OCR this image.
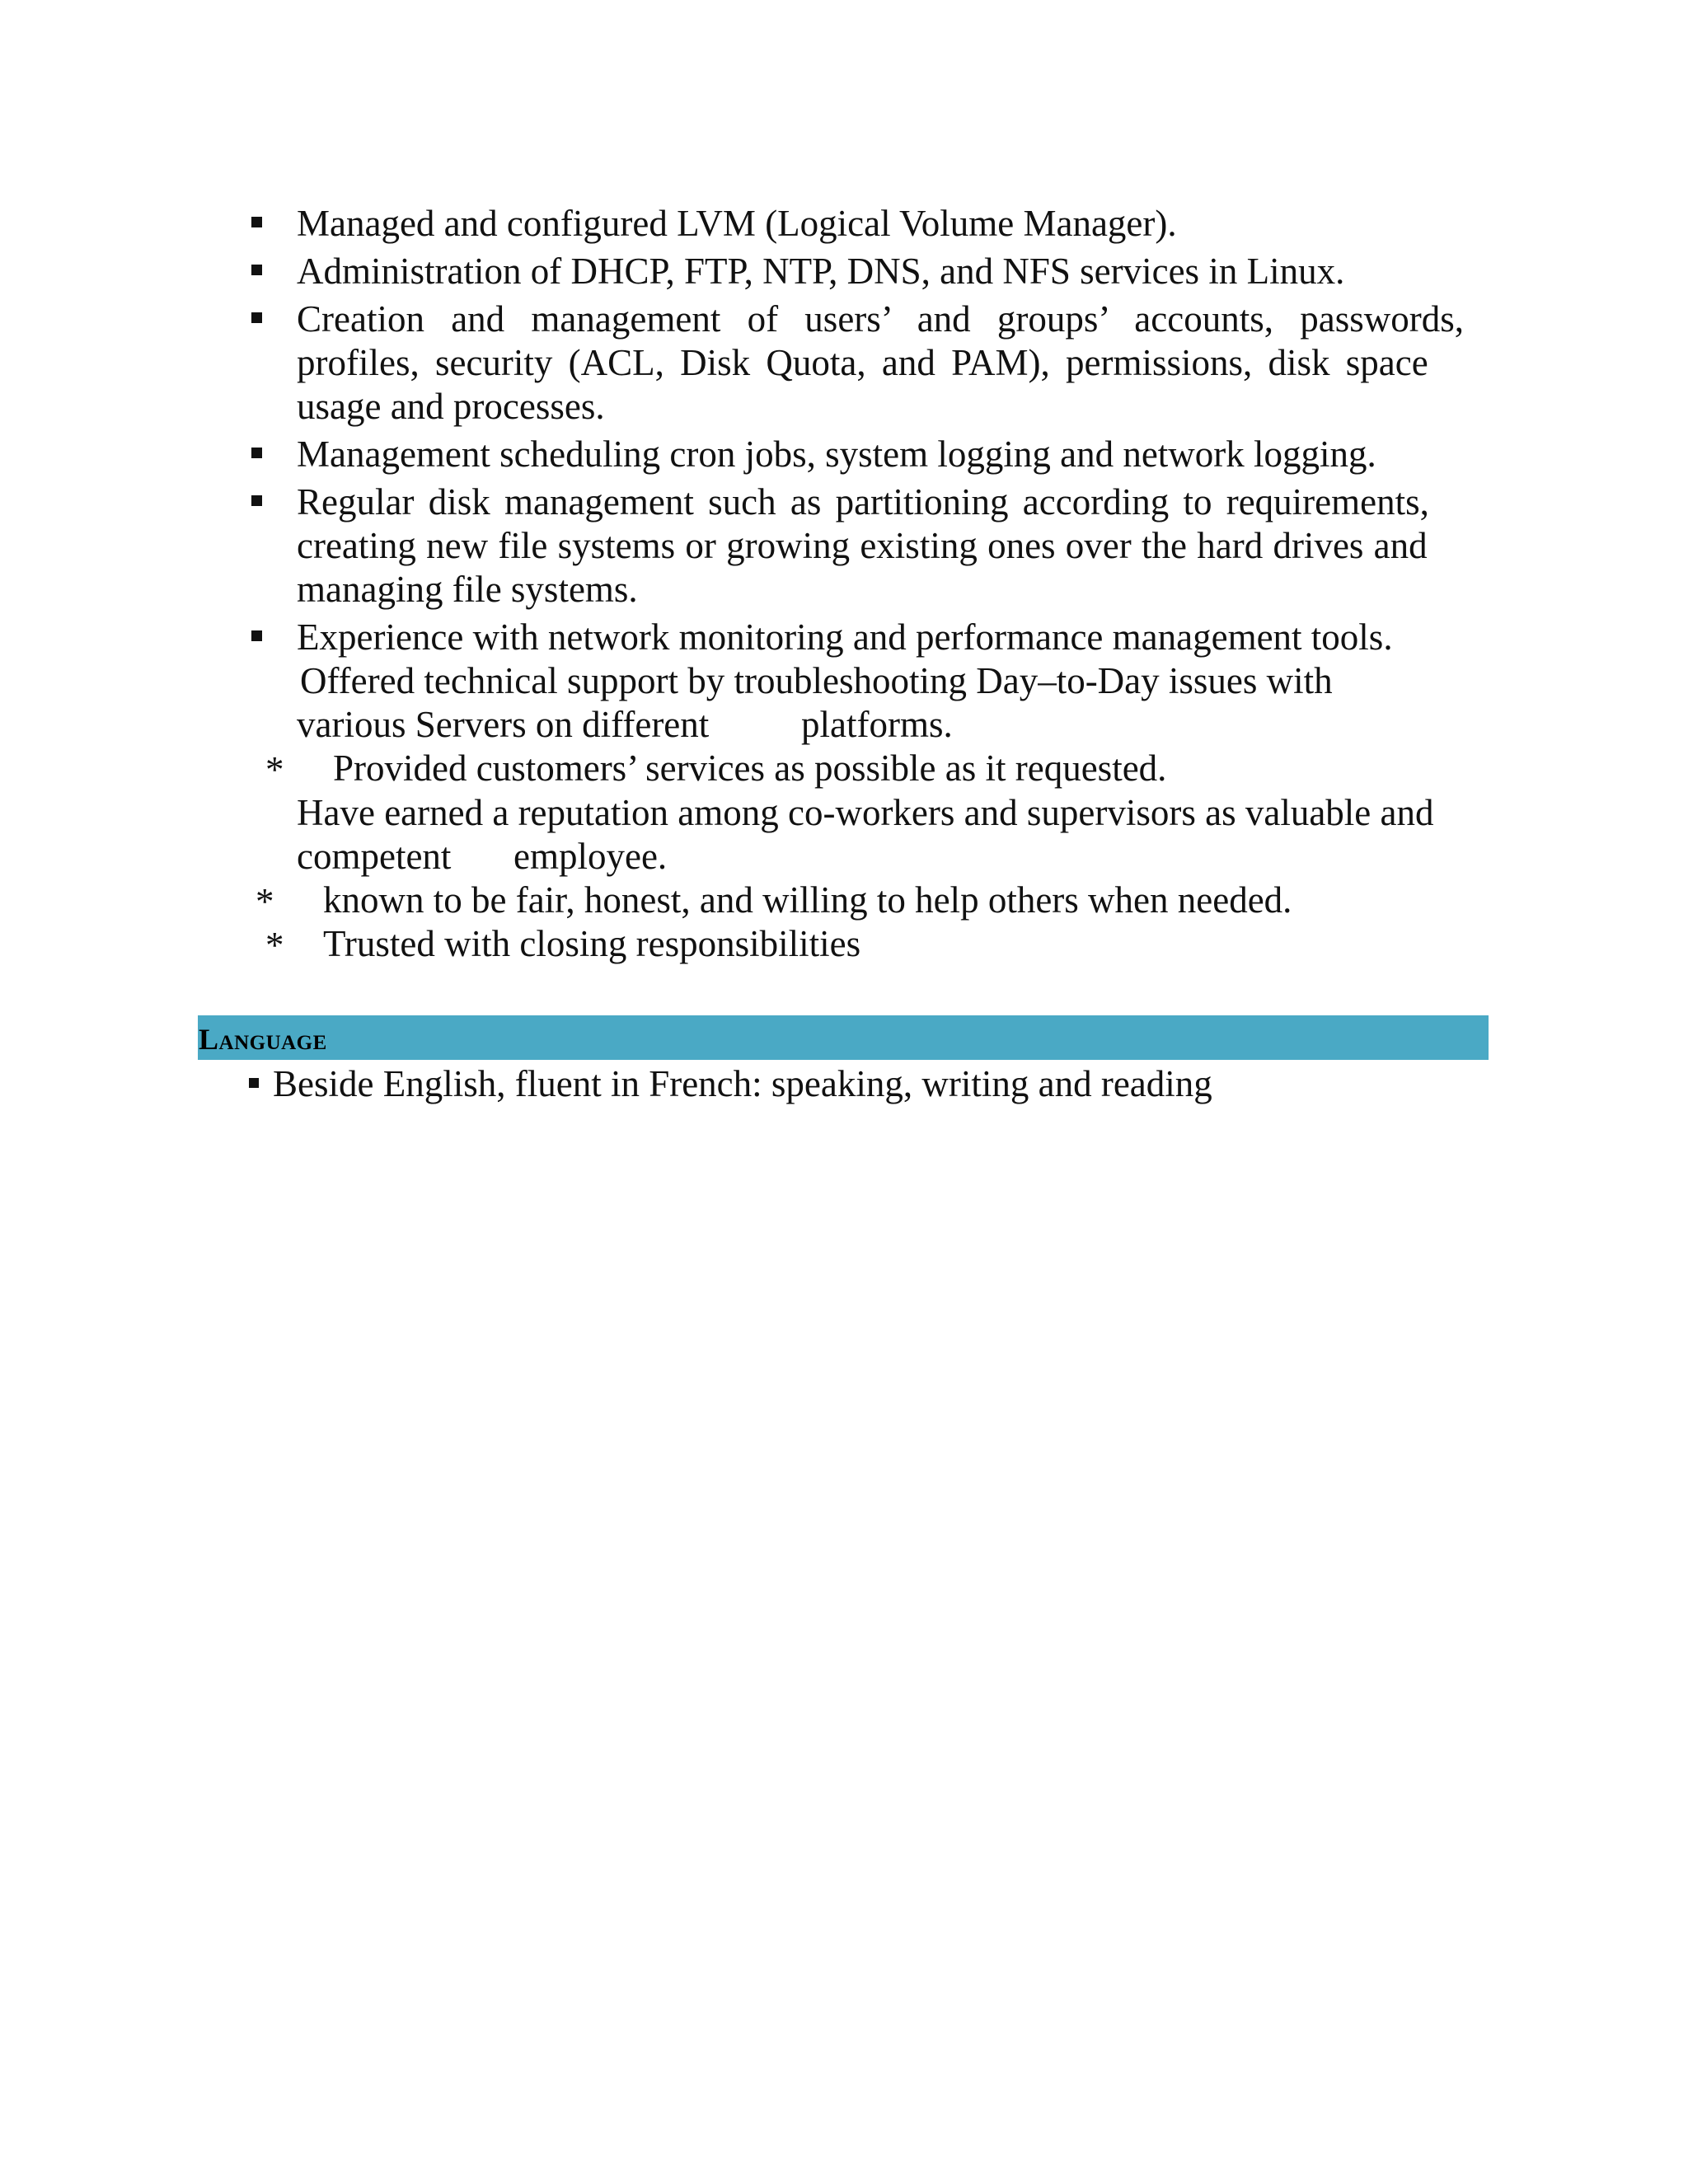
Managed and configured LVM (Logical Volume Manager).
Administration of DHCP, FTP, NTP, DNS, and NFS services in Linux.
Creation and management of users’ and groups’ accounts, passwords,
profiles, security (ACL, Disk Quota, and PAM), permissions, disk space
usage and processes.
Management scheduling cron jobs, system logging and network logging.
Regular disk management such as partitioning according to requirements,
creating new file systems or growing existing ones over the hard drives and
managing file systems.
Experience with network monitoring and performance management tools.
Offered technical support by troubleshooting Day–to-Day issues with
various Servers on different platforms.
* Provided customers’ services as possible as it requested.
Have earned a reputation among co-workers and supervisors as valuable and
competent employee.
* known to be fair, honest, and willing to help others when needed.
* Trusted with closing responsibilities
Language
Beside English, fluent in French: speaking, writing and reading
